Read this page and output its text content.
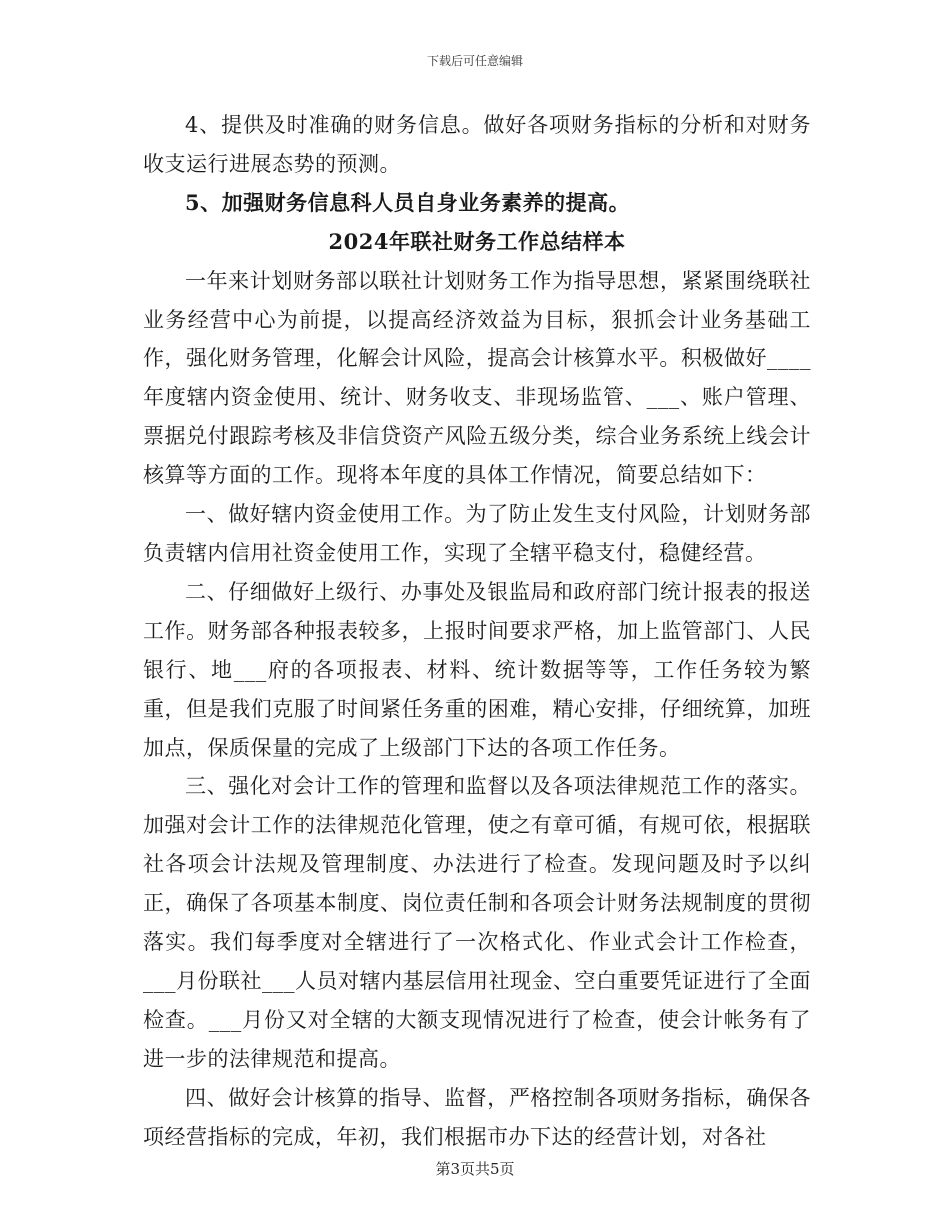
下载后可任意编辑

4、提供及时准确的财务信息。做好各项财务指标的分析和对财务收支运行进展态势的预测。

5、加强财务信息科人员自身业务素养的提高。

2024年联社财务工作总结样本

一年来计划财务部以联社计划财务工作为指导思想，紧紧围绕联社业务经营中心为前提，以提高经济效益为目标，狠抓会计业务基础工作，强化财务管理，化解会计风险，提高会计核算水平。积极做好____年度辖内资金使用、统计、财务收支、非现场监管、___、账户管理、票据兑付跟踪考核及非信贷资产风险五级分类，综合业务系统上线会计核算等方面的工作。现将本年度的具体工作情况，简要总结如下：

一、做好辖内资金使用工作。为了防止发生支付风险，计划财务部负责辖内信用社资金使用工作，实现了全辖平稳支付，稳健经营。

二、仔细做好上级行、办事处及银监局和政府部门统计报表的报送工作。财务部各种报表较多，上报时间要求严格，加上监管部门、人民银行、地___府的各项报表、材料、统计数据等等，工作任务较为繁重，但是我们克服了时间紧任务重的困难，精心安排，仔细统算，加班加点，保质保量的完成了上级部门下达的各项工作任务。

三、强化对会计工作的管理和监督以及各项法律规范工作的落实。加强对会计工作的法律规范化管理，使之有章可循，有规可依，根据联社各项会计法规及管理制度、办法进行了检查。发现问题及时予以纠正，确保了各项基本制度、岗位责任制和各项会计财务法规制度的贯彻落实。我们每季度对全辖进行了一次格式化、作业式会计工作检查，___月份联社___人员对辖内基层信用社现金、空白重要凭证进行了全面检查。___月份又对全辖的大额支现情况进行了检查，使会计帐务有了进一步的法律规范和提高。

四、做好会计核算的指导、监督，严格控制各项财务指标，确保各项经营指标的完成，年初，我们根据市办下达的经营计划，对各社

第3页共5页
